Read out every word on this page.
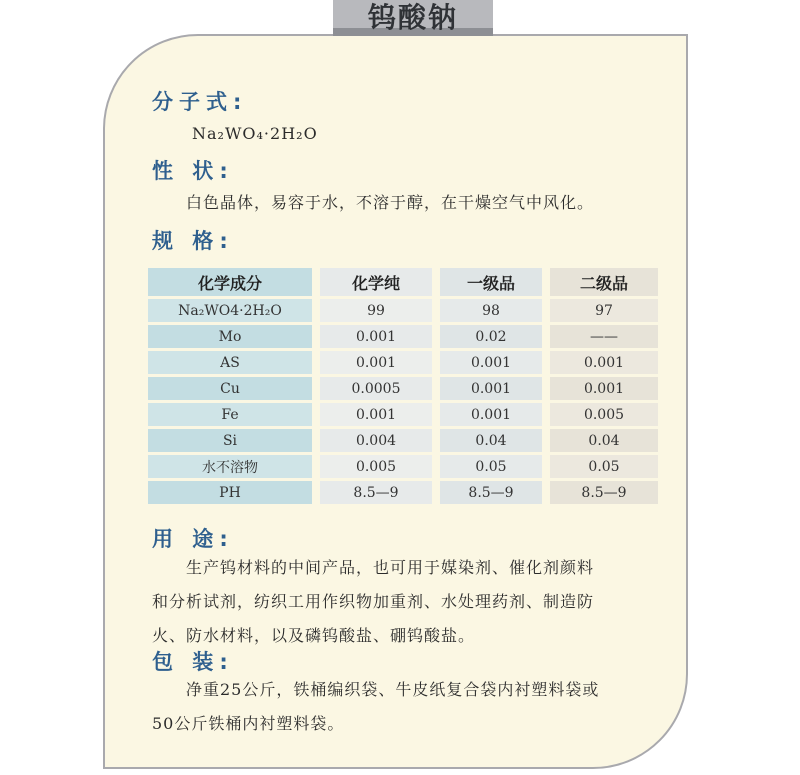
钨酸钠
分子式:
Na₂WO₄·2H₂O
性 状:
白色晶体，易容于水，不溶于醇，在干燥空气中风化。
规 格:
化学成分		化学纯		一级品		二级品
Na₂WO4·2H₂O		99		98		97
Mo		0.001		0.02		——
AS		0.001		0.001		0.001
Cu		0.0005		0.001		0.001
Fe		0.001		0.001		0.005
Si		0.004		0.04		0.04
水不溶物		0.005		0.05		0.05
PH		8.5—9		8.5—9		8.5—9
用 途:
生产钨材料的中间产品，也可用于媒染剂、催化剂颜料
和分析试剂，纺织工用作织物加重剂、水处理药剂、制造防
火、防水材料，以及磷钨酸盐、硼钨酸盐。
包 装:
净重25公斤，铁桶编织袋、牛皮纸复合袋内衬塑料袋或
50公斤铁桶内衬塑料袋。
